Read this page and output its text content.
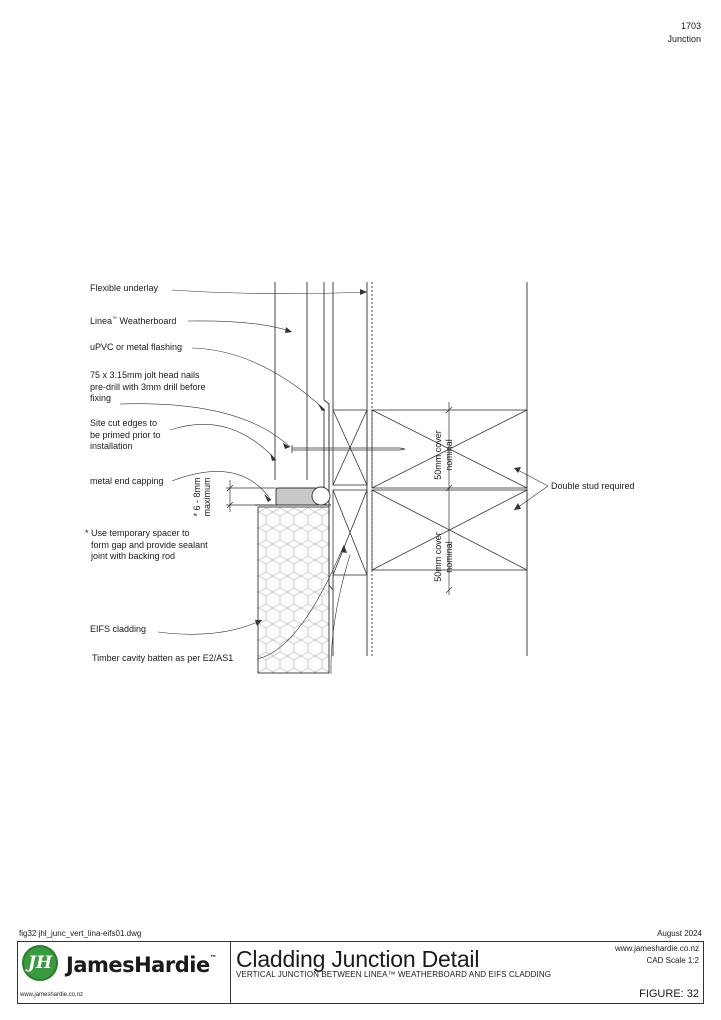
1703
Junction
Flexible underlay
Linea™ Weatherboard
uPVC or metal flashing
75 x 3.15mm jolt head nails
pre-drill with 3mm drill before
fixing
Site cut edges to
be primed prior to
installation
metal end capping
* Use temporary spacer to
form gap and provide sealant
joint with backing rod
EIFS cladding
Timber cavity batten as per E2/AS1
Double stud required
* 6 - 8mm maximum
50mm cover nominal
50mm cover nominal
fig32 jhl_junc_vert_lina-eifs01.dwg	August 2024
JH JamesHardie™
www.jameshardie.co.nz
Cladding Junction Detail
VERTICAL JUNCTION BETWEEN LINEA™ WEATHERBOARD AND EIFS CLADDING
www.jameshardie.co.nz
CAD Scale 1:2
FIGURE: 32
